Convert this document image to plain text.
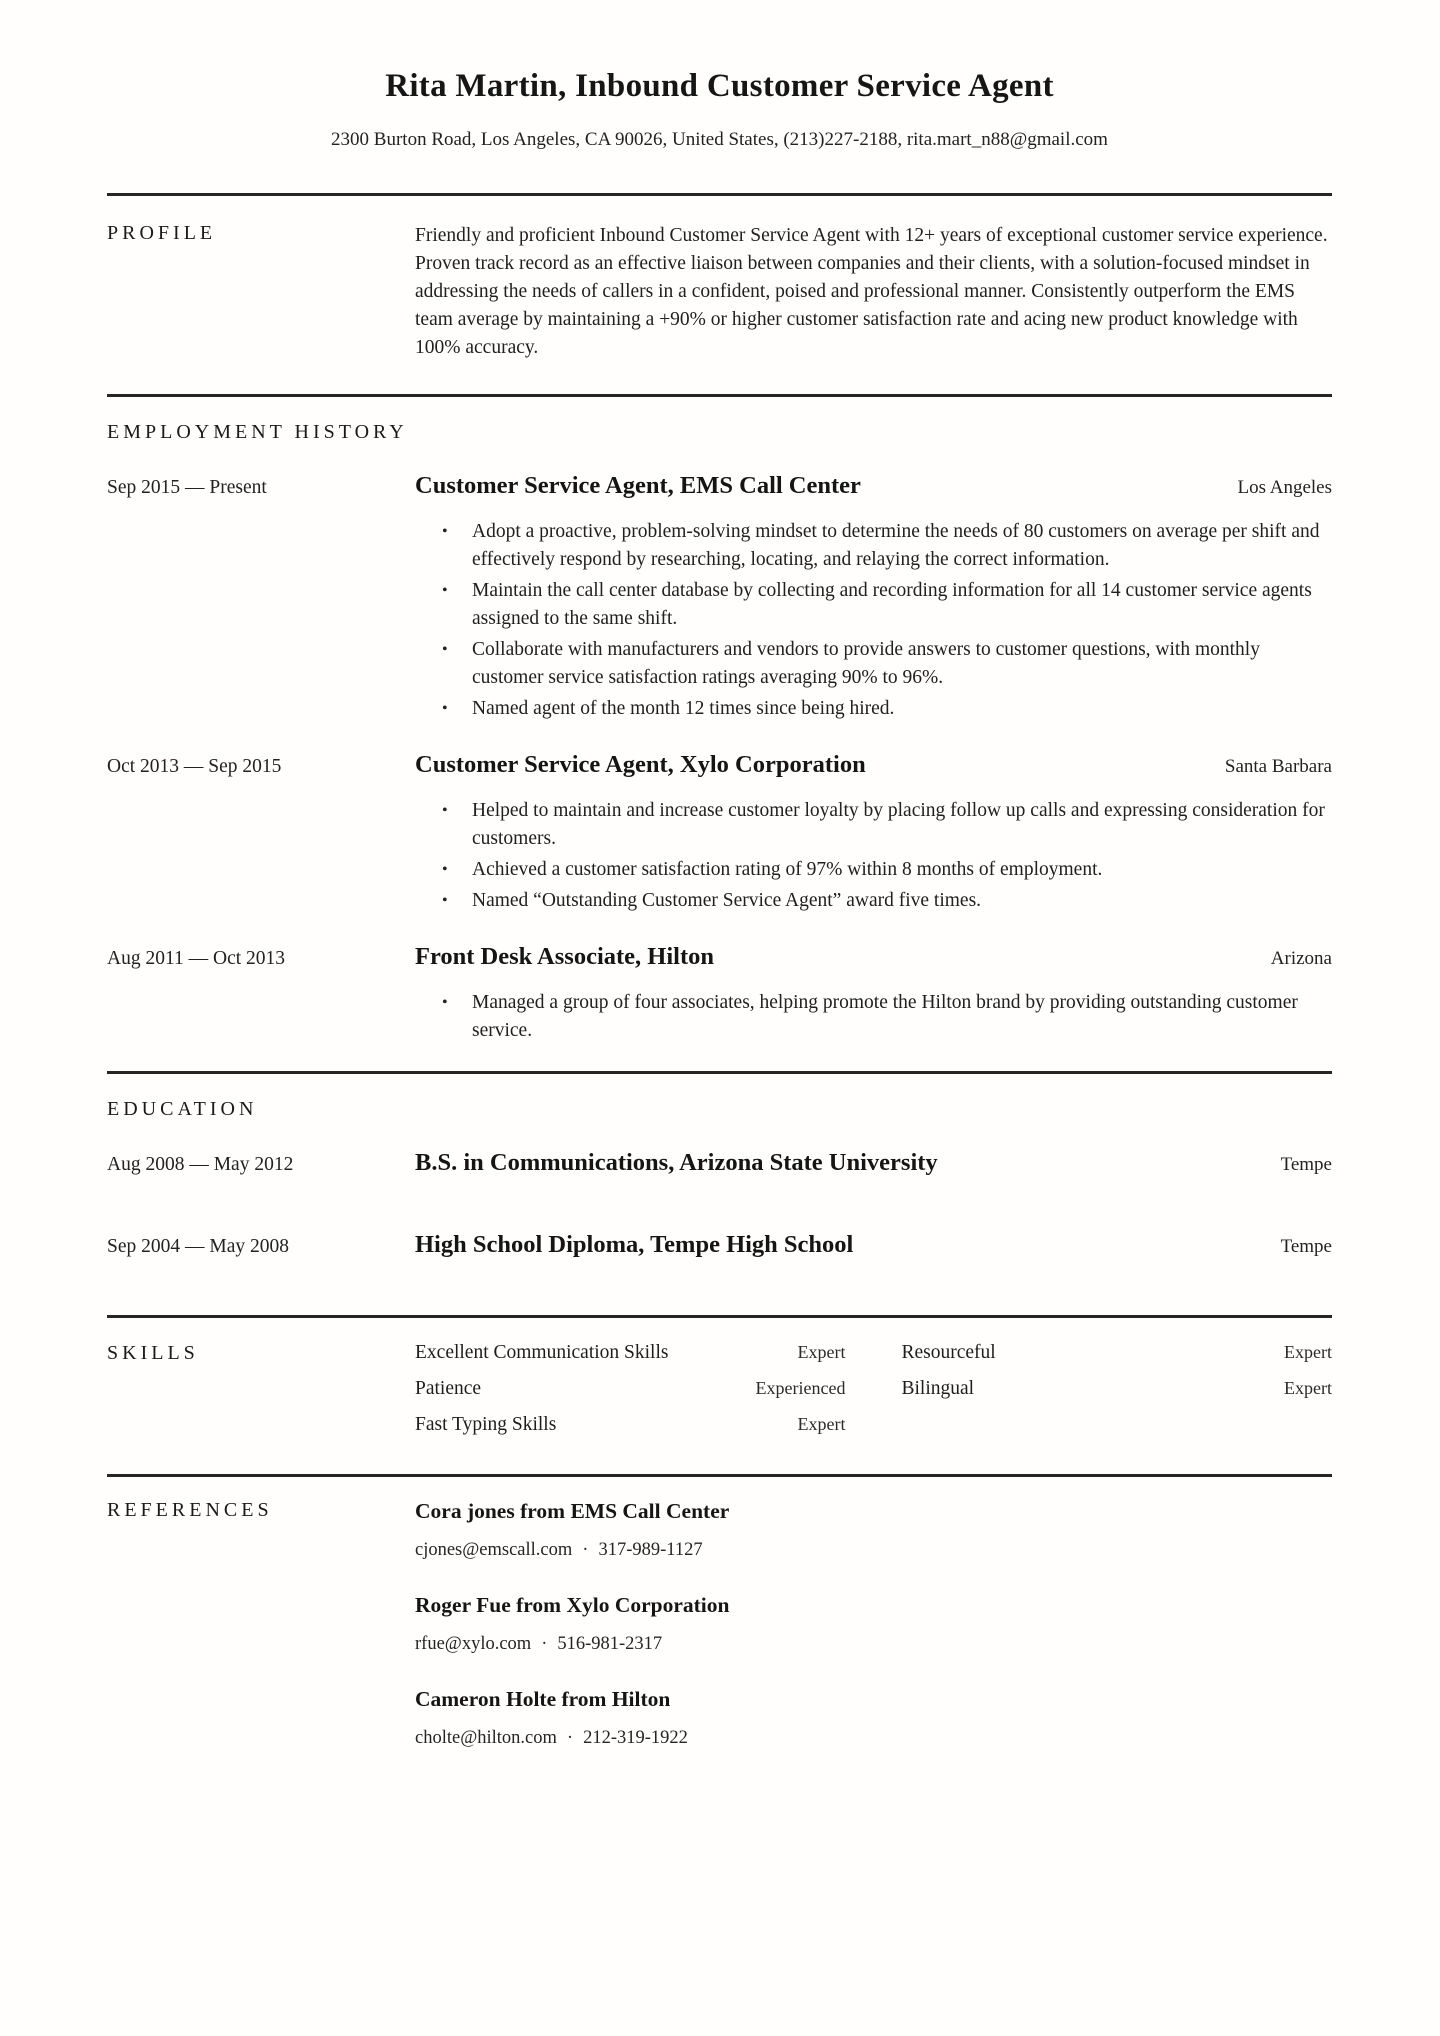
Rita Martin, Inbound Customer Service Agent
2300 Burton Road, Los Angeles, CA 90026, United States, (213)227-2188, rita.mart_n88@gmail.com
PROFILE	Friendly and proficient Inbound Customer Service Agent with 12+ years of exceptional customer service experience. Proven track record as an effective liaison between companies and their clients, with a solution-focused mindset in addressing the needs of callers in a confident, poised and professional manner. Consistently outperform the EMS team average by maintaining a +90% or higher customer satisfaction rate and acing new product knowledge with 100% accuracy.
EMPLOYMENT HISTORY
Sep 2015 — Present	Customer Service Agent, EMS Call Center	Los Angeles
•	Adopt a proactive, problem-solving mindset to determine the needs of 80 customers on average per shift and effectively respond by researching, locating, and relaying the correct information.
•	Maintain the call center database by collecting and recording information for all 14 customer service agents assigned to the same shift.
•	Collaborate with manufacturers and vendors to provide answers to customer questions, with monthly customer service satisfaction ratings averaging 90% to 96%.
•	Named agent of the month 12 times since being hired.
Oct 2013 — Sep 2015	Customer Service Agent, Xylo Corporation	Santa Barbara
•	Helped to maintain and increase customer loyalty by placing follow up calls and expressing consideration for customers.
•	Achieved a customer satisfaction rating of 97% within 8 months of employment.
•	Named “Outstanding Customer Service Agent” award five times.
Aug 2011 — Oct 2013	Front Desk Associate, Hilton	Arizona
•	Managed a group of four associates, helping promote the Hilton brand by providing outstanding customer service.
EDUCATION
Aug 2008 — May 2012	B.S. in Communications, Arizona State University	Tempe
Sep 2004 — May 2008	High School Diploma, Tempe High School	Tempe
SKILLS	Excellent Communication Skills	Expert	Resourceful	Expert
Patience	Experienced	Bilingual	Expert
Fast Typing Skills	Expert
REFERENCES	Cora jones from EMS Call Center
cjones@emscall.com · 317-989-1127
Roger Fue from Xylo Corporation
rfue@xylo.com · 516-981-2317
Cameron Holte from Hilton
cholte@hilton.com · 212-319-1922
